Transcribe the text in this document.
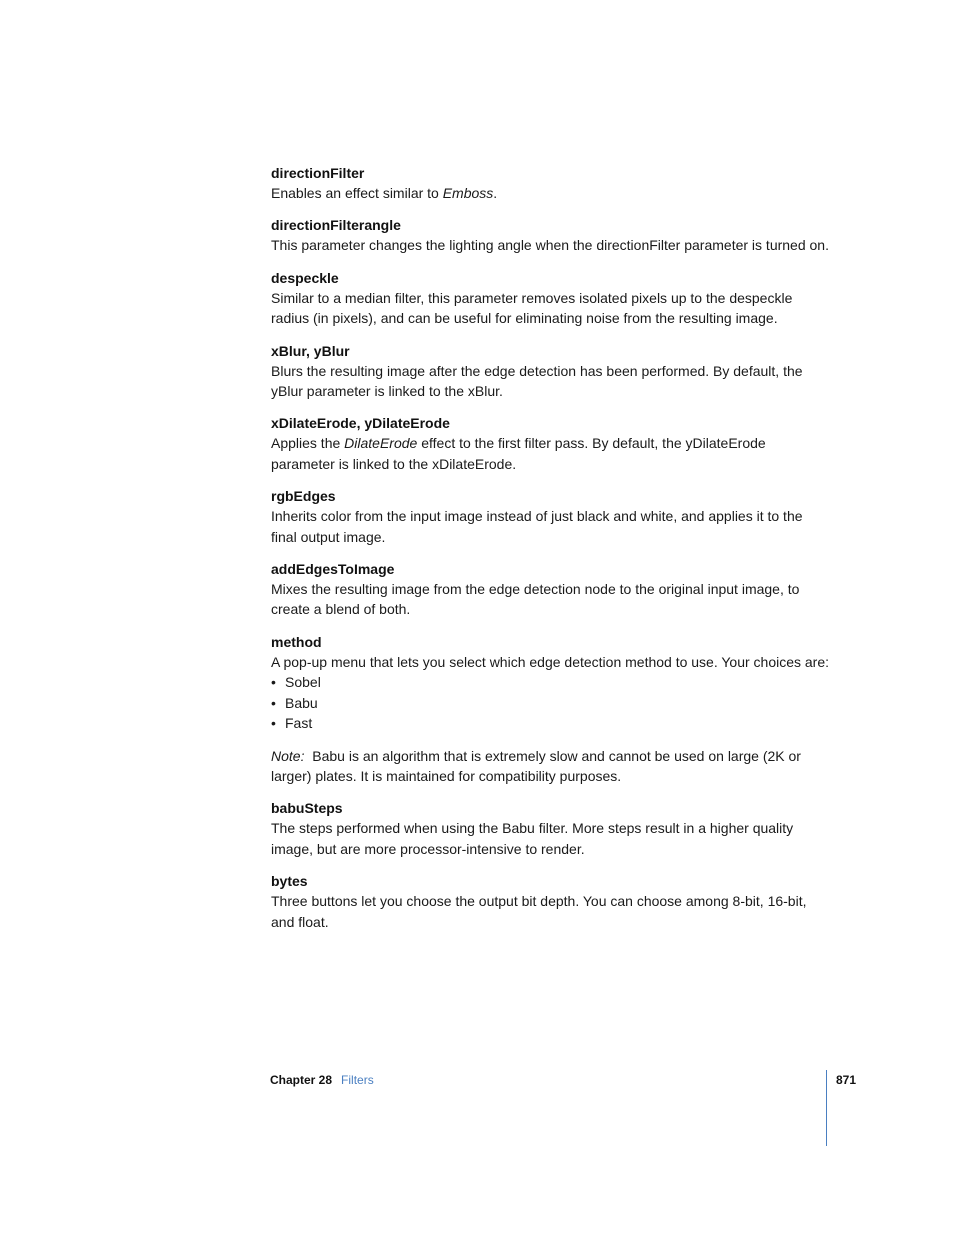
directionFilter
Enables an effect similar to Emboss.
directionFilterangle
This parameter changes the lighting angle when the directionFilter parameter is turned on.
despeckle
Similar to a median filter, this parameter removes isolated pixels up to the despeckle radius (in pixels), and can be useful for eliminating noise from the resulting image.
xBlur, yBlur
Blurs the resulting image after the edge detection has been performed. By default, the yBlur parameter is linked to the xBlur.
xDilateErode, yDilateErode
Applies the DilateErode effect to the first filter pass. By default, the yDilateErode parameter is linked to the xDilateErode.
rgbEdges
Inherits color from the input image instead of just black and white, and applies it to the final output image.
addEdgesToImage
Mixes the resulting image from the edge detection node to the original input image, to create a blend of both.
method
A pop-up menu that lets you select which edge detection method to use. Your choices are:
• Sobel
• Babu
• Fast
Note: Babu is an algorithm that is extremely slow and cannot be used on large (2K or larger) plates. It is maintained for compatibility purposes.
babuSteps
The steps performed when using the Babu filter. More steps result in a higher quality image, but are more processor-intensive to render.
bytes
Three buttons let you choose the output bit depth. You can choose among 8-bit, 16-bit, and float.
Chapter 28 Filters	871
